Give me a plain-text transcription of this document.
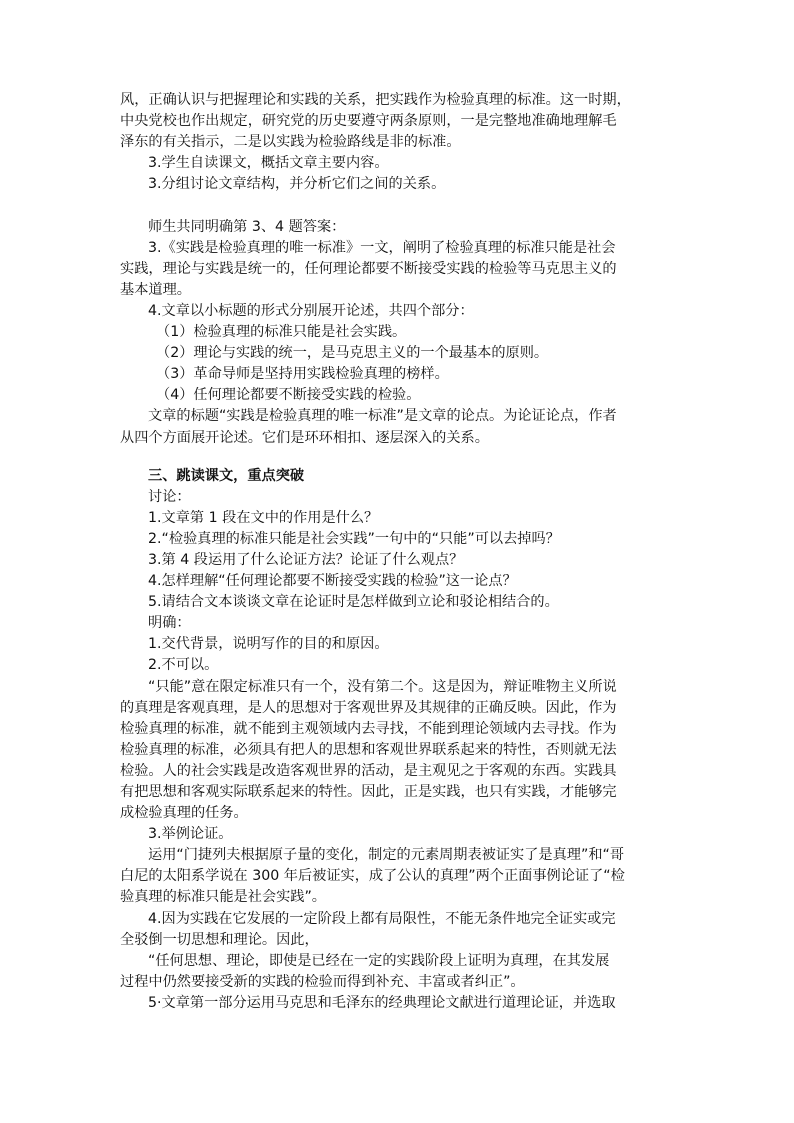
风，正确认识与把握理论和实践的关系，把实践作为检验真理的标准。这一时期，
中央党校也作出规定，研究党的历史要遵守两条原则，一是完整地准确地理解毛
泽东的有关指示，二是以实践为检验路线是非的标准。
3.学生自读课文，概括文章主要内容。
3.分组讨论文章结构，并分析它们之间的关系。
师生共同明确第 3、4 题答案：
3.《实践是检验真理的唯一标准》一文，阐明了检验真理的标准只能是社会
实践，理论与实践是统一的，任何理论都要不断接受实践的检验等马克思主义的
基本道理。
4.文章以小标题的形式分别展开论述，共四个部分：
（1）检验真理的标准只能是社会实践。
（2）理论与实践的统一，是马克思主义的一个最基本的原则。
（3）革命导师是坚持用实践检验真理的榜样。
（4）任何理论都要不断接受实践的检验。
文章的标题“实践是检验真理的唯一标准”是文章的论点。为论证论点，作者
从四个方面展开论述。它们是环环相扣、逐层深入的关系。
三、跳读课文，重点突破
讨论：
1.文章第 1 段在文中的作用是什么？
2.“检验真理的标准只能是社会实践”一句中的“只能”可以去掉吗？
3.第 4 段运用了什么论证方法？论证了什么观点？
4.怎样理解“任何理论都要不断接受实践的检验”这一论点？
5.请结合文本谈谈文章在论证时是怎样做到立论和驳论相结合的。
明确：
1.交代背景，说明写作的目的和原因。
2.不可以。
“只能”意在限定标准只有一个，没有第二个。这是因为，辩证唯物主义所说
的真理是客观真理，是人的思想对于客观世界及其规律的正确反映。因此，作为
检验真理的标准，就不能到主观领域内去寻找，不能到理论领域内去寻找。作为
检验真理的标准，必须具有把人的思想和客观世界联系起来的特性，否则就无法
检验。人的社会实践是改造客观世界的活动，是主观见之于客观的东西。实践具
有把思想和客观实际联系起来的特性。因此，正是实践，也只有实践，才能够完
成检验真理的任务。
3.举例论证。
运用“门捷列夫根据原子量的变化，制定的元素周期表被证实了是真理”和“哥
白尼的太阳系学说在 300 年后被证实，成了公认的真理”两个正面事例论证了“检
验真理的标准只能是社会实践”。
4.因为实践在它发展的一定阶段上都有局限性，不能无条件地完全证实或完
全驳倒一切思想和理论。因此，
“任何思想、理论，即使是已经在一定的实践阶段上证明为真理，在其发展
过程中仍然要接受新的实践的检验而得到补充、丰富或者纠正”。
5·文章第一部分运用马克思和毛泽东的经典理论文献进行道理论证，并选取
